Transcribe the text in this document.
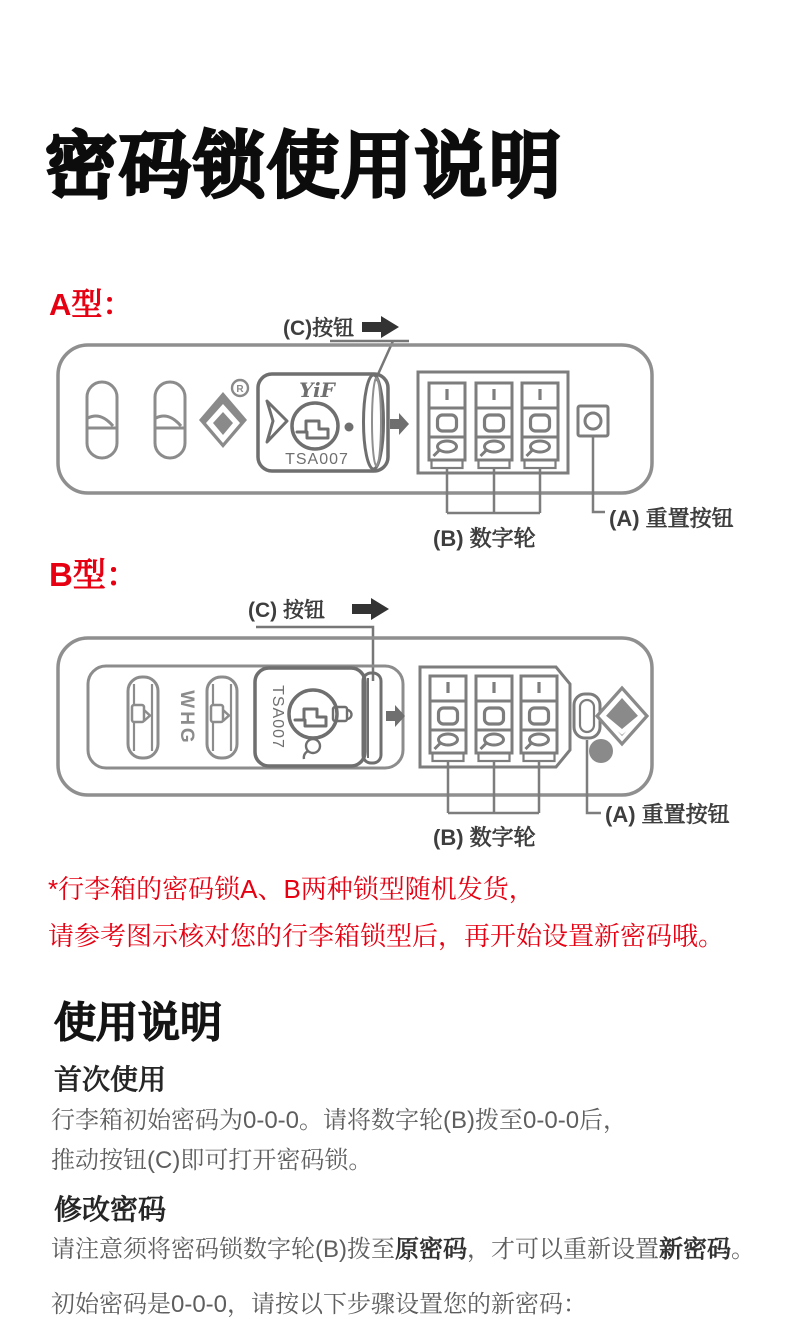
密码锁使用说明
A型：
(C)按钮
R	YiF
TSA007
(B) 数字轮
(A) 重置按钮
B型：
(C) 按钮
WHG	TSA007
(B) 数字轮
(A) 重置按钮
*行李箱的密码锁A、B两种锁型随机发货，
请参考图示核对您的行李箱锁型后，再开始设置新密码哦。
使用说明
首次使用
行李箱初始密码为0-0-0。请将数字轮(B)拨至0-0-0后，
推动按钮(C)即可打开密码锁。
修改密码
请注意须将密码锁数字轮(B)拨至原密码，才可以重新设置新密码。
初始密码是0-0-0，请按以下步骤设置您的新密码：
